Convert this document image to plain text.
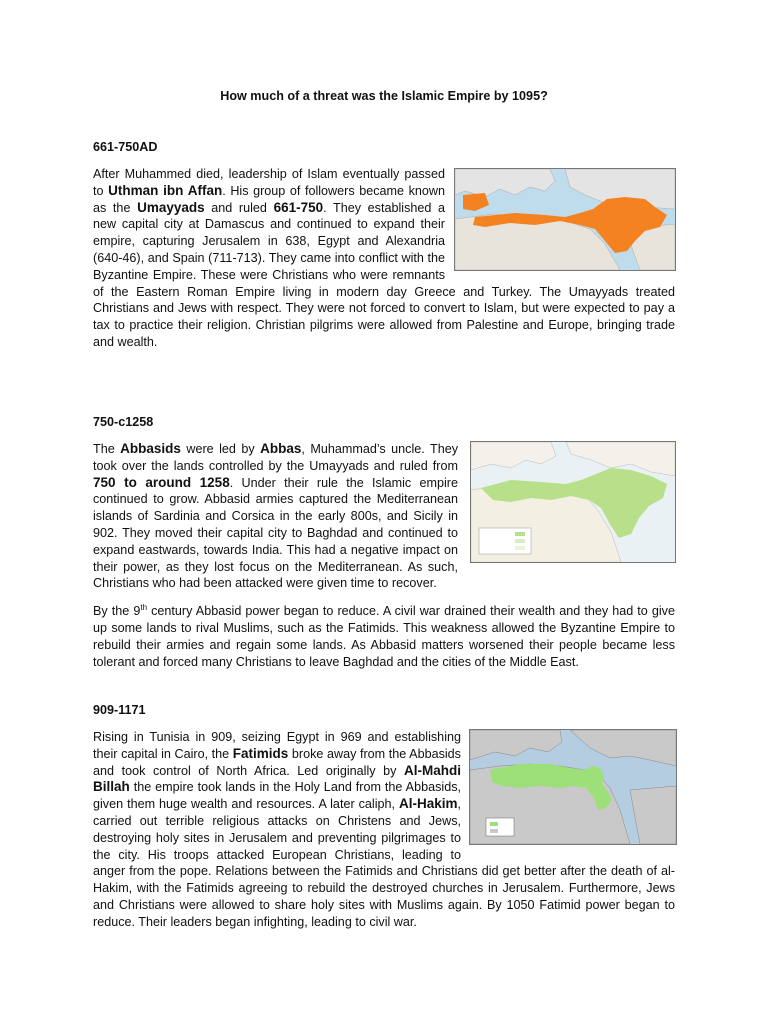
How much of a threat was the Islamic Empire by 1095?
661-750AD
After Muhammed died, leadership of Islam eventually passed to Uthman ibn Affan. His group of followers became known as the Umayyads and ruled 661-750. They established a new capital city at Damascus and continued to expand their empire, capturing Jerusalem in 638, Egypt and Alexandria (640-46), and Spain (711-713). They came into conflict with the Byzantine Empire. These were Christians who were remnants of the Eastern Roman Empire living in modern day Greece and Turkey. The Umayyads treated Christians and Jews with respect. They were not forced to convert to Islam, but were expected to pay a tax to practice their religion. Christian pilgrims were allowed from Palestine and Europe, bringing trade and wealth.
750-c1258
The Abbasids were led by Abbas, Muhammad’s uncle. They took over the lands controlled by the Umayyads and ruled from 750 to around 1258. Under their rule the Islamic empire continued to grow. Abbasid armies captured the Mediterranean islands of Sardinia and Corsica in the early 800s, and Sicily in 902. They moved their capital city to Baghdad and continued to expand eastwards, towards India. This had a negative impact on their power, as they lost focus on the Mediterranean. As such, Christians who had been attacked were given time to recover.
By the 9th century Abbasid power began to reduce. A civil war drained their wealth and they had to give up some lands to rival Muslims, such as the Fatimids. This weakness allowed the Byzantine Empire to rebuild their armies and regain some lands. As Abbasid matters worsened their people became less tolerant and forced many Christians to leave Baghdad and the cities of the Middle East.
909-1171
Rising in Tunisia in 909, seizing Egypt in 969 and establishing their capital in Cairo, the Fatimids broke away from the Abbasids and took control of North Africa. Led originally by Al-Mahdi Billah the empire took lands in the Holy Land from the Abbasids, given them huge wealth and resources. A later caliph, Al-Hakim, carried out terrible religious attacks on Christens and Jews, destroying holy sites in Jerusalem and preventing pilgrimages to the city. His troops attacked European Christians, leading to anger from the pope. Relations between the Fatimids and Christians did get better after the death of al-Hakim, with the Fatimids agreeing to rebuild the destroyed churches in Jerusalem. Furthermore, Jews and Christians were allowed to share holy sites with Muslims again. By 1050 Fatimid power began to reduce. Their leaders began infighting, leading to civil war.
